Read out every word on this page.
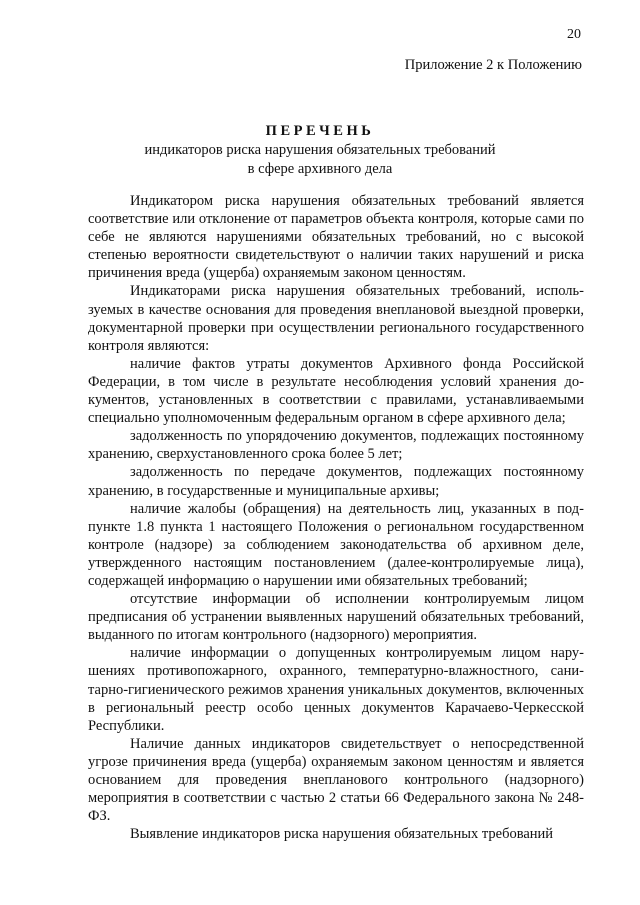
20
Приложение 2 к Положению
ПЕРЕЧЕНЬ
индикаторов риска нарушения обязательных требований
в сфере архивного дела

Индикатором риска нарушения обязательных требований является соответствие или отклонение от параметров объекта контроля, которые сами по себе не являются нарушениями обязательных требований, но с высокой степенью вероятности свидетельствуют о наличии таких нарушений и риска причинения вреда (ущерба) охраняемым законом ценностям.

Индикаторами риска нарушения обязательных требований, используемых в качестве основания для проведения внеплановой выездной проверки, документарной проверки при осуществлении регионального государственного контроля являются:

наличие фактов утраты документов Архивного фонда Российской Федерации, в том числе в результате несоблюдения условий хранения документов, установленных в соответствии с правилами, устанавливаемыми специально уполномоченным федеральным органом в сфере архивного дела;

задолженность по упорядочению документов, подлежащих постоянному хранению, сверхустановленного срока более 5 лет;

задолженность по передаче документов, подлежащих постоянному хранению, в государственные и муниципальные архивы;

наличие жалобы (обращения) на деятельность лиц, указанных в подпункте 1.8 пункта 1 настоящего Положения о региональном государственном контроле (надзоре) за соблюдением законодательства об архивном деле, утвержденного настоящим постановлением (далее-контролируемые лица), содержащей информацию о нарушении ими обязательных требований;

отсутствие информации об исполнении контролируемым лицом предписания об устранении выявленных нарушений обязательных требований, выданного по итогам контрольного (надзорного) мероприятия.

наличие информации о допущенных контролируемым лицом нарушениях противопожарного, охранного, температурно-влажностного, санитарно-гигиенического режимов хранения уникальных документов, включенных в региональный реестр особо ценных документов Карачаево-Черкесской Республики.

Наличие данных индикаторов свидетельствует о непосредственной угрозе причинения вреда (ущерба) охраняемым законом ценностям и является основанием для проведения внепланового контрольного (надзорного) мероприятия в соответствии с частью 2 статьи 66 Федерального закона № 248-ФЗ.

Выявление индикаторов риска нарушения обязательных требований
